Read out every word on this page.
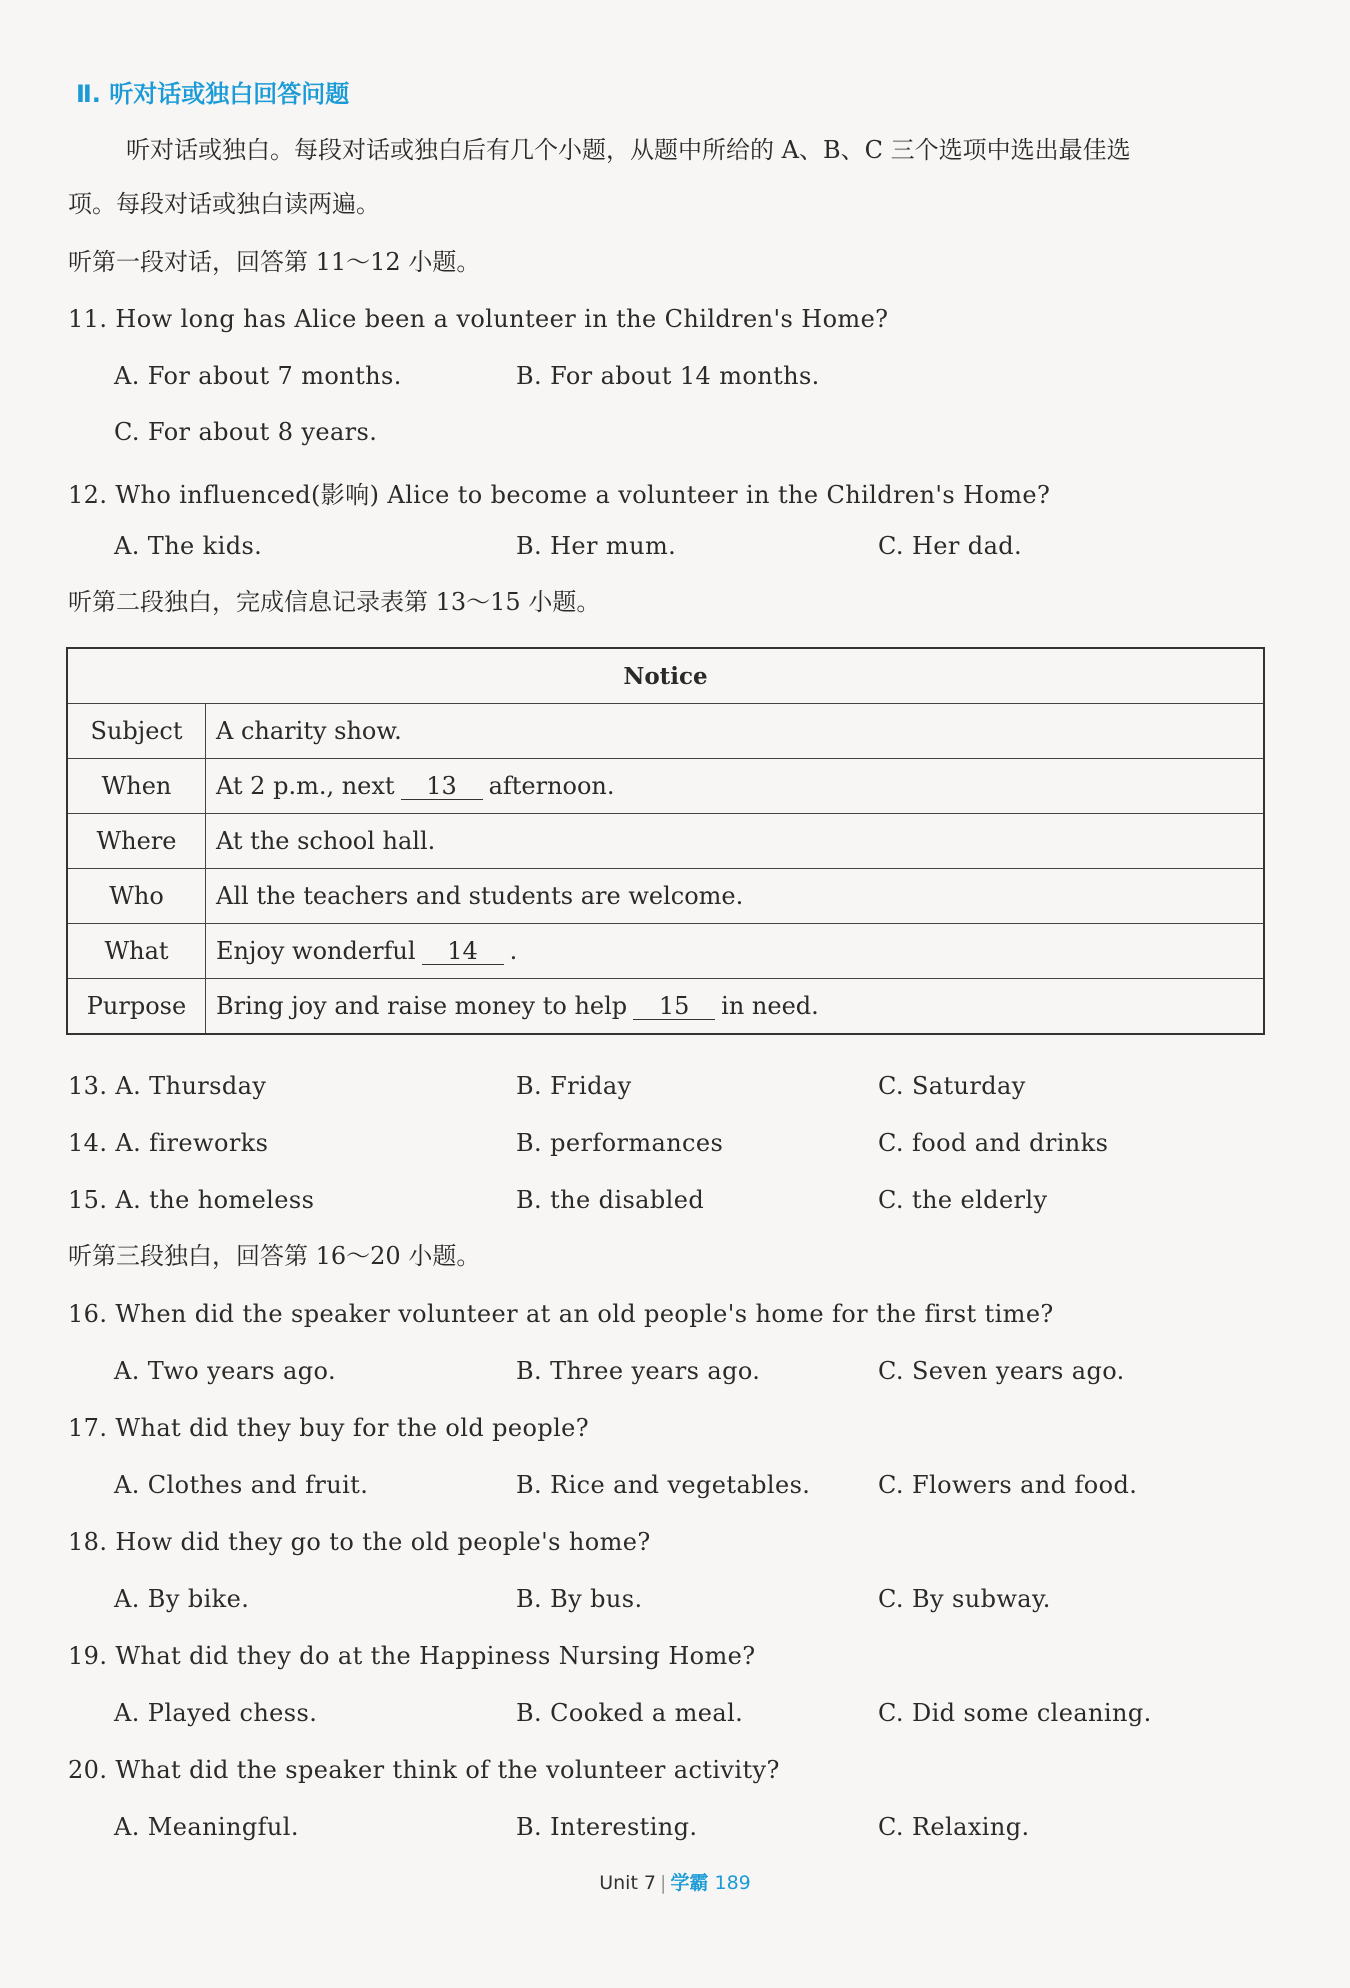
Ⅱ. 听对话或独白回答问题
听对话或独白。每段对话或独白后有几个小题，从题中所给的 A、B、C 三个选项中选出最佳选
项。每段对话或独白读两遍。
听第一段对话，回答第 11～12 小题。
11. How long has Alice been a volunteer in the Children's Home?
A. For about 7 months.	B. For about 14 months.
C. For about 8 years.
12. Who influenced(影响) Alice to become a volunteer in the Children's Home?
A. The kids.	B. Her mum.	C. Her dad.
听第二段独白，完成信息记录表第 13～15 小题。
Notice	
Subject	A charity show.
When	At 2 p.m., next 13 afternoon.
Where	At the school hall.
Who	All the teachers and students are welcome.
What	Enjoy wonderful 14 .
Purpose	Bring joy and raise money to help 15 in need.
13. A. Thursday	B. Friday	C. Saturday
14. A. fireworks	B. performances	C. food and drinks
15. A. the homeless	B. the disabled	C. the elderly
听第三段独白，回答第 16～20 小题。
16. When did the speaker volunteer at an old people's home for the first time?
A. Two years ago.	B. Three years ago.	C. Seven years ago.
17. What did they buy for the old people?
A. Clothes and fruit.	B. Rice and vegetables.	C. Flowers and food.
18. How did they go to the old people's home?
A. By bike.	B. By bus.	C. By subway.
19. What did they do at the Happiness Nursing Home?
A. Played chess.	B. Cooked a meal.	C. Did some cleaning.
20. What did the speaker think of the volunteer activity?
A. Meaningful.	B. Interesting.	C. Relaxing.
Unit 7 | 学霸 189
